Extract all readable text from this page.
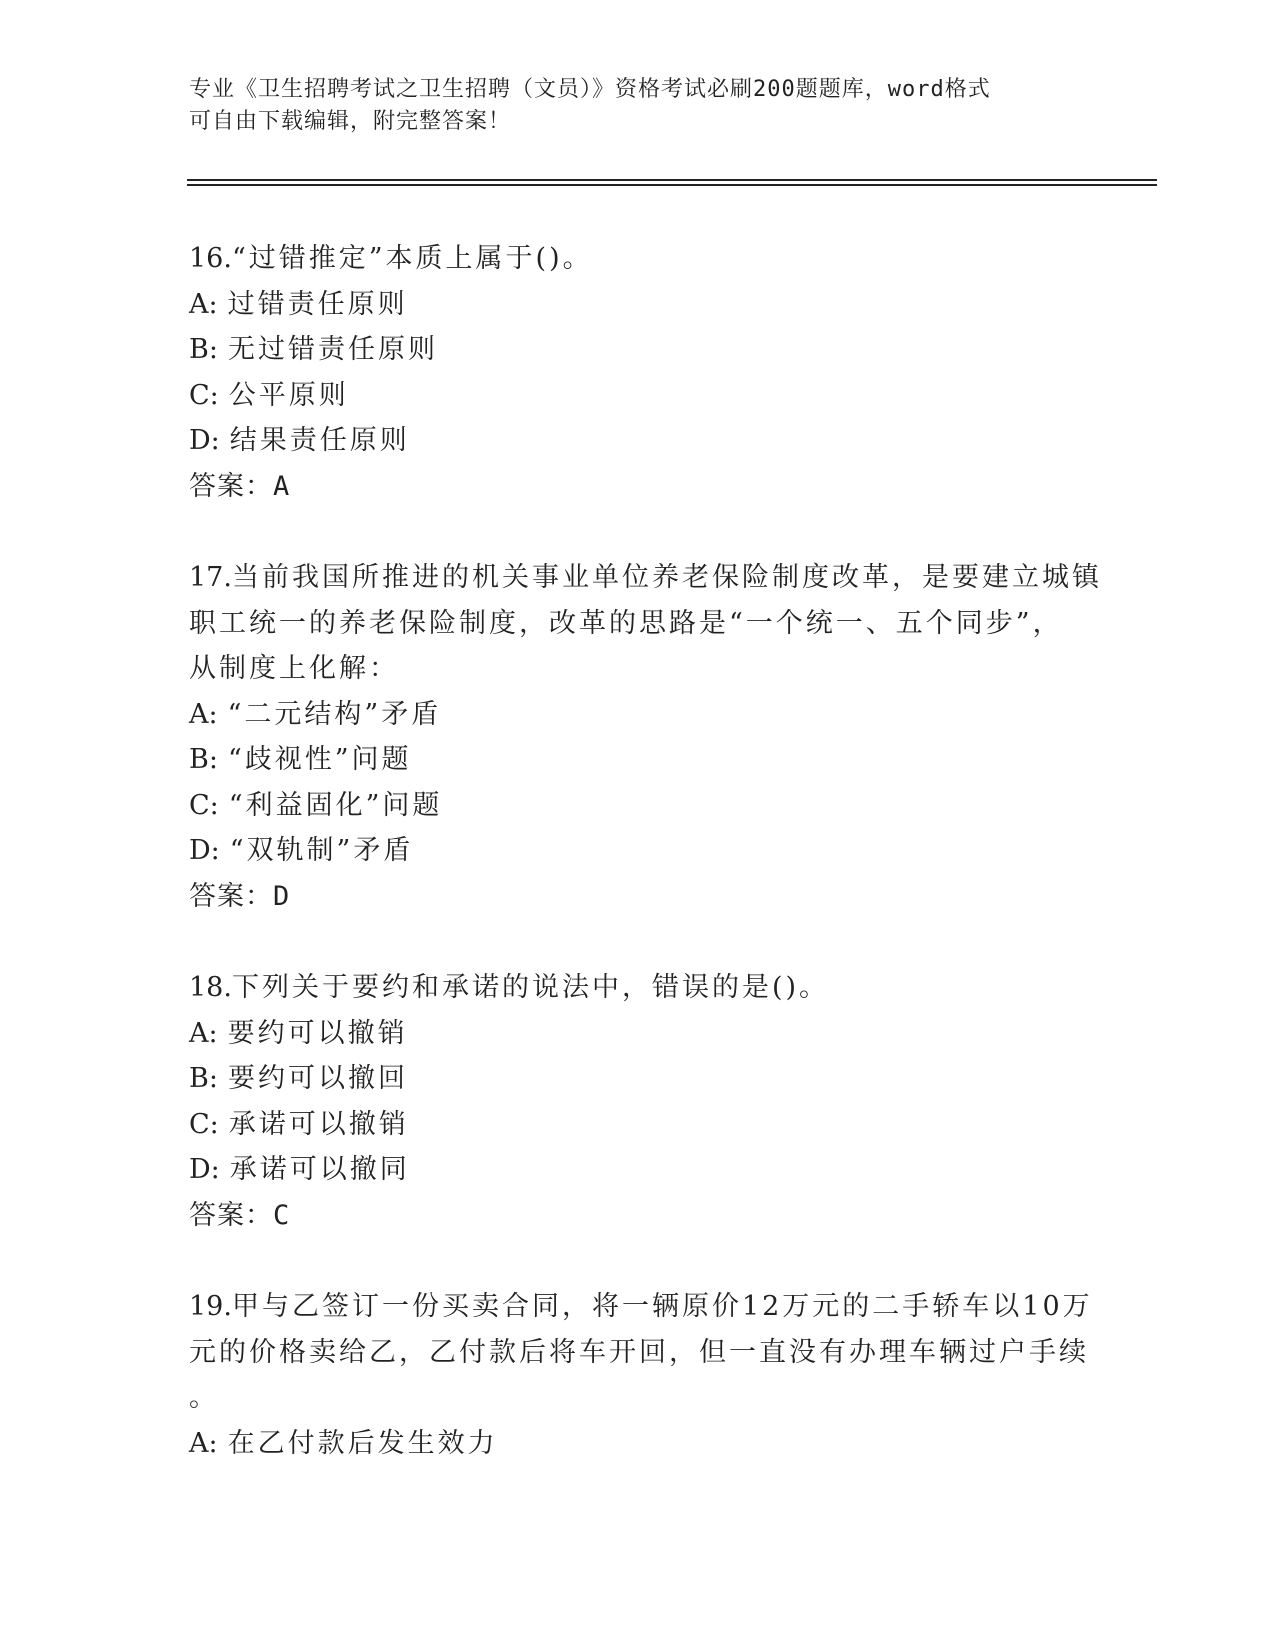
专业《卫生招聘考试之卫生招聘（文员）》资格考试必刷200题题库，word格式
可自由下载编辑，附完整答案！
16.“过错推定”本质上属于()。
A: 过错责任原则
B: 无过错责任原则
C: 公平原则
D: 结果责任原则
答案：A
17.当前我国所推进的机关事业单位养老保险制度改革，是要建立城镇
职工统一的养老保险制度，改革的思路是“一个统一、五个同步”，
从制度上化解：
A: “二元结构”矛盾
B: “歧视性”问题
C: “利益固化”问题
D: “双轨制”矛盾
答案：D
18.下列关于要约和承诺的说法中，错误的是()。
A: 要约可以撤销
B: 要约可以撤回
C: 承诺可以撤销
D: 承诺可以撤同
答案：C
19.甲与乙签订一份买卖合同，将一辆原价12万元的二手轿车以10万
元的价格卖给乙，乙付款后将车开回，但一直没有办理车辆过户手续
。
A: 在乙付款后发生效力
